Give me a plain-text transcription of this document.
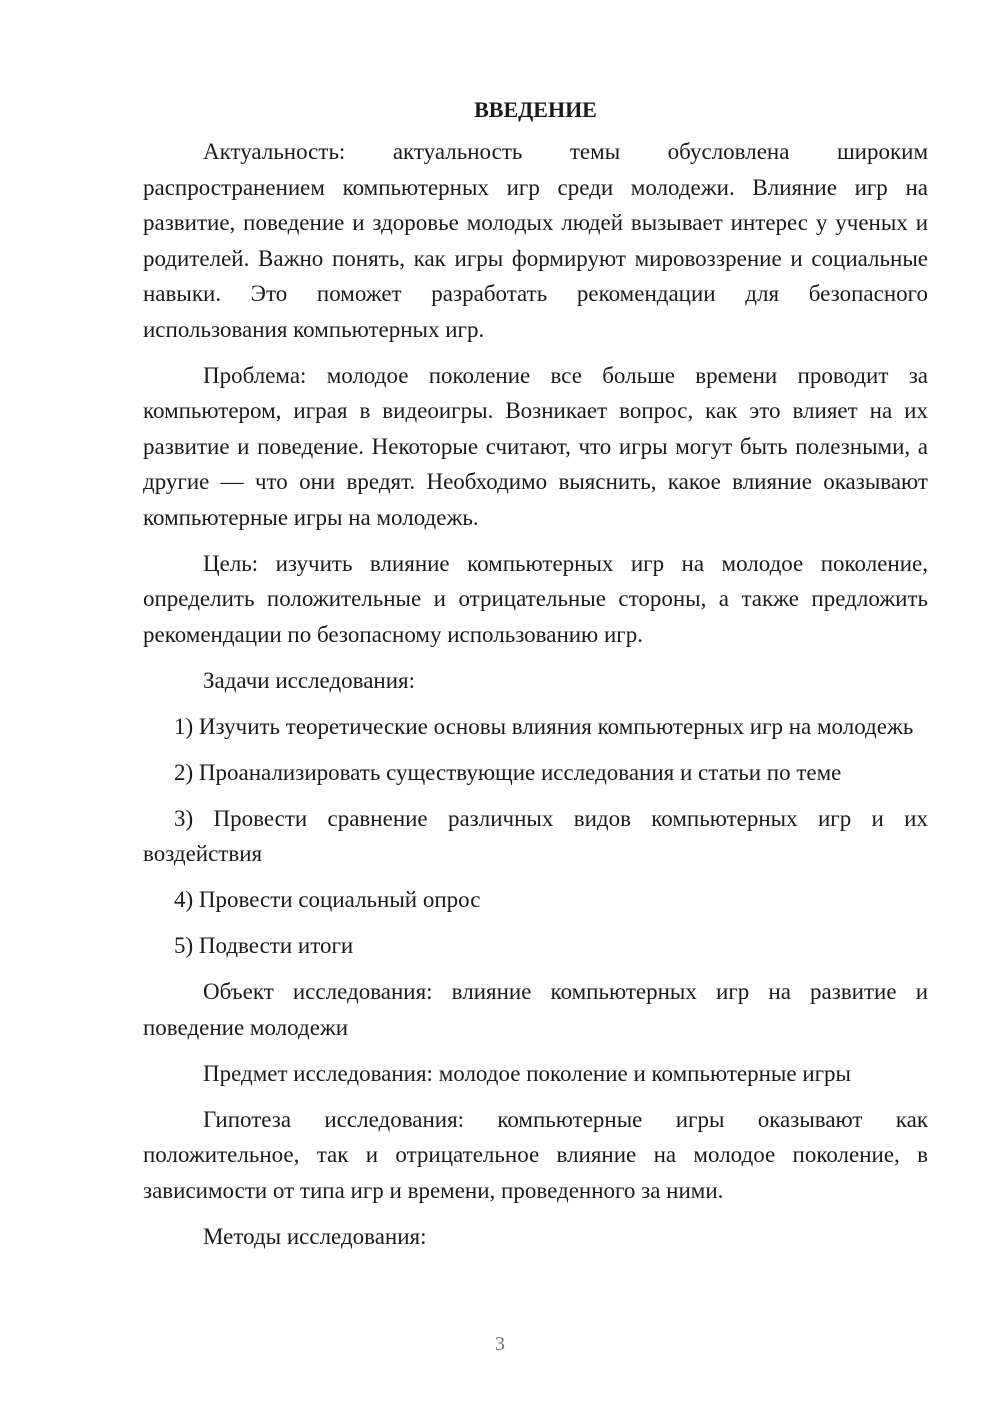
ВВЕДЕНИЕ

Актуальность: актуальность темы обусловлена широким распространением компьютерных игр среди молодежи. Влияние игр на развитие, поведение и здоровье молодых людей вызывает интерес у ученых и родителей. Важно понять, как игры формируют мировоззрение и социальные навыки. Это поможет разработать рекомендации для безопасного использования компьютерных игр.

Проблема: молодое поколение все больше времени проводит за компьютером, играя в видеоигры. Возникает вопрос, как это влияет на их развитие и поведение. Некоторые считают, что игры могут быть полезными, а другие — что они вредят. Необходимо выяснить, какое влияние оказывают компьютерные игры на молодежь.

Цель: изучить влияние компьютерных игр на молодое поколение, определить положительные и отрицательные стороны, а также предложить рекомендации по безопасному использованию игр.

Задачи исследования:

1) Изучить теоретические основы влияния компьютерных игр на молодежь

2) Проанализировать существующие исследования и статьи по теме

3) Провести сравнение различных видов компьютерных игр и их воздействия

4) Провести социальный опрос

5) Подвести итоги

Объект исследования: влияние компьютерных игр на развитие и поведение молодежи

Предмет исследования: молодое поколение и компьютерные игры

Гипотеза исследования: компьютерные игры оказывают как положительное, так и отрицательное влияние на молодое поколение, в зависимости от типа игр и времени, проведенного за ними.

Методы исследования:

3
